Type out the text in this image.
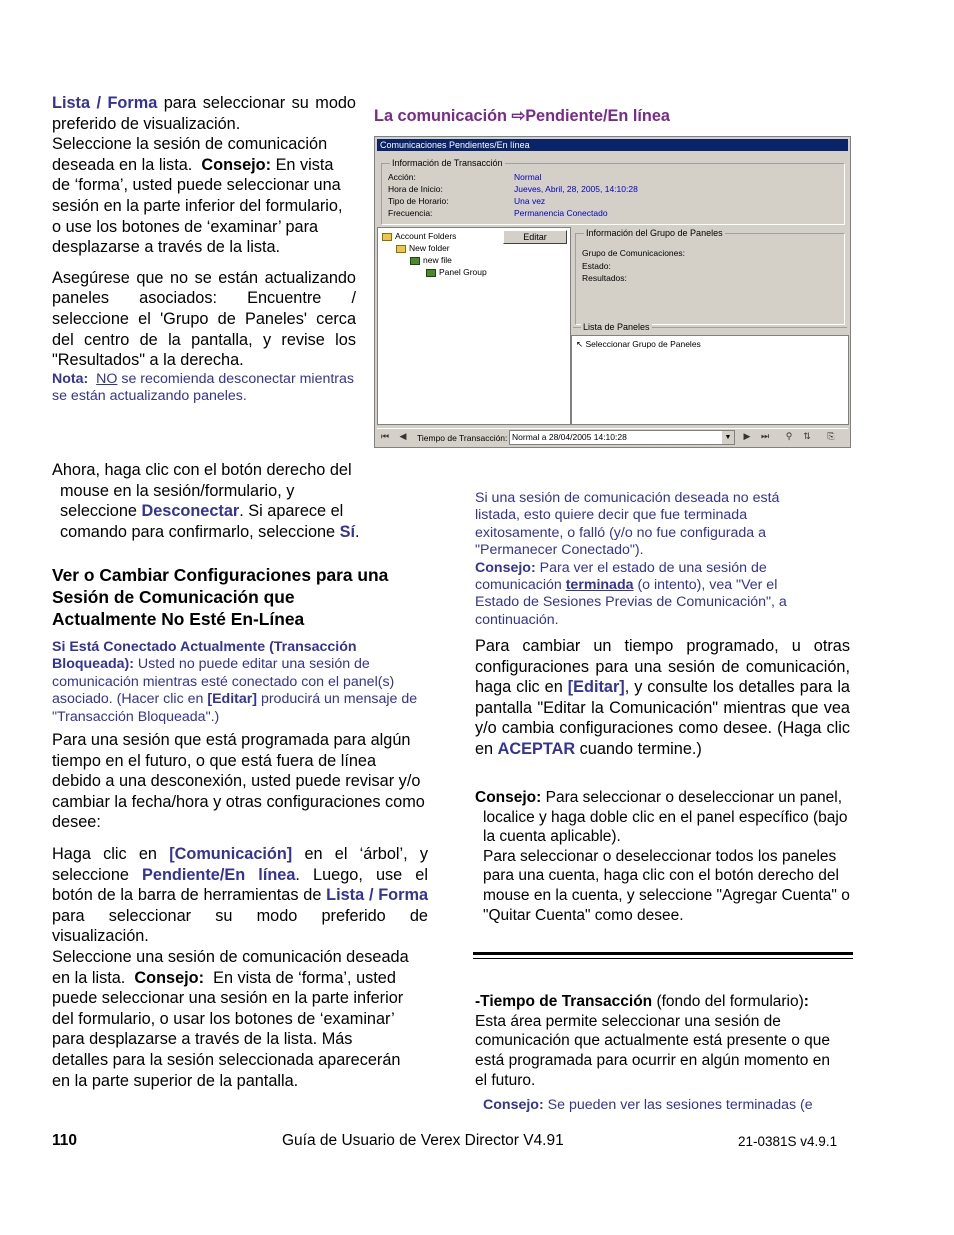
Lista / Forma para seleccionar su modo preferido de visualización.

Seleccione la sesión de comunicación deseada en la lista. Consejo: En vista de ‘forma’, usted puede seleccionar una sesión en la parte inferior del formulario, o use los botones de ‘examinar’ para desplazarse a través de la lista.

Asegúrese que no se están actualizando paneles asociados: Encuentre / seleccione el 'Grupo de Paneles' cerca del centro de la pantalla, y revise los "Resultados" a la derecha.

Nota: NO se recomienda desconectar mientras se están actualizando paneles.

Ahora, haga clic con el botón derecho del mouse en la sesión/formulario, y seleccione Desconectar. Si aparece el comando para confirmarlo, seleccione Sí.

Ver o Cambiar Configuraciones para una Sesión de Comunicación que Actualmente No Esté En-Línea

Si Está Conectado Actualmente (Transacción Bloqueada): Usted no puede editar una sesión de comunicación mientras esté conectado con el panel(s) asociado. (Hacer clic en [Editar] producirá un mensaje de "Transacción Bloqueada".)

Para una sesión que está programada para algún tiempo en el futuro, o que está fuera de línea debido a una desconexión, usted puede revisar y/o cambiar la fecha/hora y otras configuraciones como desee:

Haga clic en [Comunicación] en el ‘árbol’, y seleccione Pendiente/En línea. Luego, use el botón de la barra de herramientas de Lista / Forma para seleccionar su modo preferido de visualización.

Seleccione una sesión de comunicación deseada en la lista. Consejo: En vista de ‘forma’, usted puede seleccionar una sesión en la parte inferior del formulario, o usar los botones de ‘examinar’ para desplazarse a través de la lista. Más detalles para la sesión seleccionada aparecerán en la parte superior de la pantalla.

La comunicación ⇨Pendiente/En línea

Comunicaciones Pendientes/En línea
Información de Transacción
Acción:	Normal
Hora de Inicio:	Jueves, Abril, 28, 2005, 14:10:28
Tipo de Horario:	Una vez
Frecuencia:	Permanencia Conectado
Account Folders
New folder
new file
Panel Group
Editar	Información del Grupo de Paneles
Grupo de Comunicaciones:
Estado:
Resultados:
Lista de Paneles
↖ Seleccionar Grupo de Paneles
⏮ ◀ Tiempo de Transacción: Normal a 28/04/2005 14:10:28	▼ ▶ ⏭	⚲	⇅ ⎘

Si una sesión de comunicación deseada no está listada, esto quiere decir que fue terminada exitosamente, o falló (y/o no fue configurada a "Permanecer Conectado").

Consejo: Para ver el estado de una sesión de comunicación terminada (o intento), vea "Ver el Estado de Sesiones Previas de Comunicación", a continuación.

Para cambiar un tiempo programado, u otras configuraciones para una sesión de comunicación, haga clic en [Editar], y consulte los detalles para la pantalla "Editar la Comunicación" mientras que vea y/o cambia configuraciones como desee. (Haga clic en ACEPTAR cuando termine.)

Consejo: Para seleccionar o deseleccionar un panel, localice y haga doble clic en el panel específico (bajo la cuenta aplicable).

Para seleccionar o deseleccionar todos los paneles para una cuenta, haga clic con el botón derecho del mouse en la cuenta, y seleccione "Agregar Cuenta" o "Quitar Cuenta" como desee.

-Tiempo de Transacción (fondo del formulario): Esta área permite seleccionar una sesión de comunicación que actualmente está presente o que está programada para ocurrir en algún momento en el futuro.

Consejo: Se pueden ver las sesiones terminadas (e

110	Guía de Usuario de Verex Director V4.91	21-0381S v4.9.1
